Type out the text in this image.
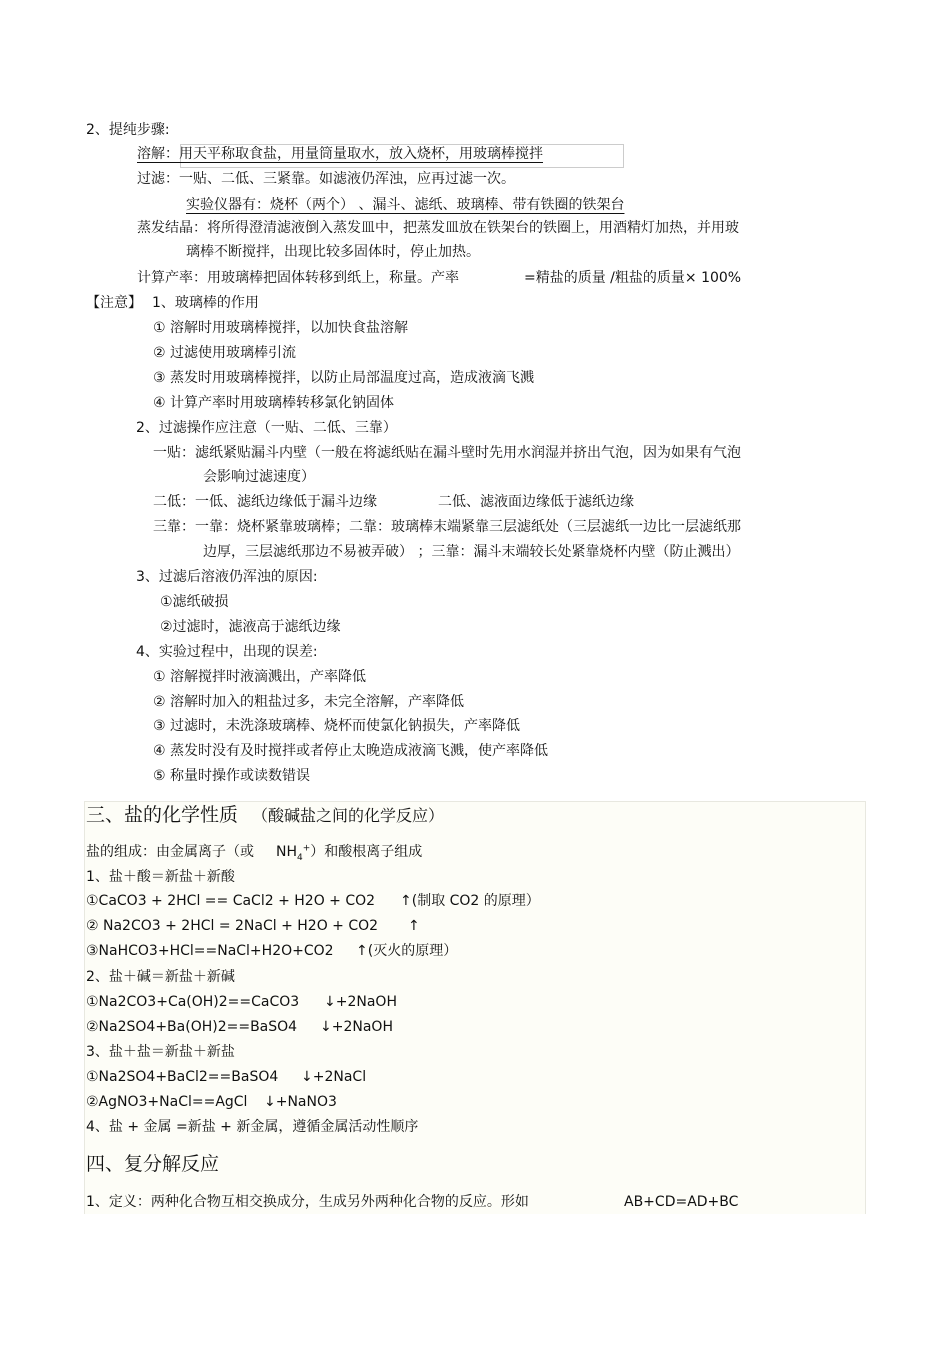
2、提纯步骤:
溶解：用天平称取食盐，用量筒量取水，放入烧杯，用玻璃棒搅拌
过滤：一贴、二低、三紧靠。如滤液仍浑浊，应再过滤一次。
实验仪器有：烧杯（两个） 、漏斗、滤纸、玻璃棒、带有铁圈的铁架台
蒸发结晶：将所得澄清滤液倒入蒸发皿中，把蒸发皿放在铁架台的铁圈上，用酒精灯加热，并用玻
璃棒不断搅拌，出现比较多固体时，停止加热。
计算产率：用玻璃棒把固体转移到纸上，称量。产率	=精盐的质量 /粗盐的质量× 100%
【注意】 1、玻璃棒的作用
① 溶解时用玻璃棒搅拌，以加快食盐溶解
② 过滤使用玻璃棒引流
③ 蒸发时用玻璃棒搅拌，以防止局部温度过高，造成液滴飞溅
④ 计算产率时用玻璃棒转移氯化钠固体
2、过滤操作应注意（一贴、二低、三靠）
一贴：滤纸紧贴漏斗内壁（一般在将滤纸贴在漏斗壁时先用水润湿并挤出气泡，因为如果有气泡
会影响过滤速度）
二低：一低、滤纸边缘低于漏斗边缘	二低、滤液面边缘低于滤纸边缘
三靠：一靠：烧杯紧靠玻璃棒；二靠：玻璃棒末端紧靠三层滤纸处（三层滤纸一边比一层滤纸那
边厚，三层滤纸那边不易被弄破） ；三靠：漏斗末端较长处紧靠烧杯内壁（防止溅出）
3、过滤后溶液仍浑浊的原因:
①滤纸破损
②过滤时，滤液高于滤纸边缘
4、实验过程中，出现的误差:
① 溶解搅拌时液滴溅出，产率降低
② 溶解时加入的粗盐过多，未完全溶解，产率降低
③ 过滤时，未洗涤玻璃棒、烧杯而使氯化钠损失，产率降低
④ 蒸发时没有及时搅拌或者停止太晚造成液滴飞溅，使产率降低
⑤ 称量时操作或读数错误
三、盐的化学性质 （酸碱盐之间的化学反应）
盐的组成：由金属离子（或 $NH_4^+$）和酸根离子组成
1、盐＋酸＝新盐＋新酸
①CaCO3 + 2HCl == CaCl2 + H2O + CO2 ↑(制取 CO2 的原理）
② Na2CO3 + 2HCl = 2NaCl + H2O + CO2 ↑
③NaHCO3+HCl==NaCl+H2O+CO2 ↑(灭火的原理）
2、盐＋碱＝新盐＋新碱
①Na2CO3+Ca(OH)2==CaCO3 ↓+2NaOH
②Na2SO4+Ba(OH)2==BaSO4 ↓+2NaOH
3、盐＋盐＝新盐＋新盐
①Na2SO4+BaCl2==BaSO4 ↓+2NaCl
②AgNO3+NaCl==AgCl ↓+NaNO3
4、盐 + 金属 =新盐 + 新金属，遵循金属活动性顺序
四、复分解反应
1、定义：两种化合物互相交换成分，生成另外两种化合物的反应。形如	AB+CD=AD+BC
